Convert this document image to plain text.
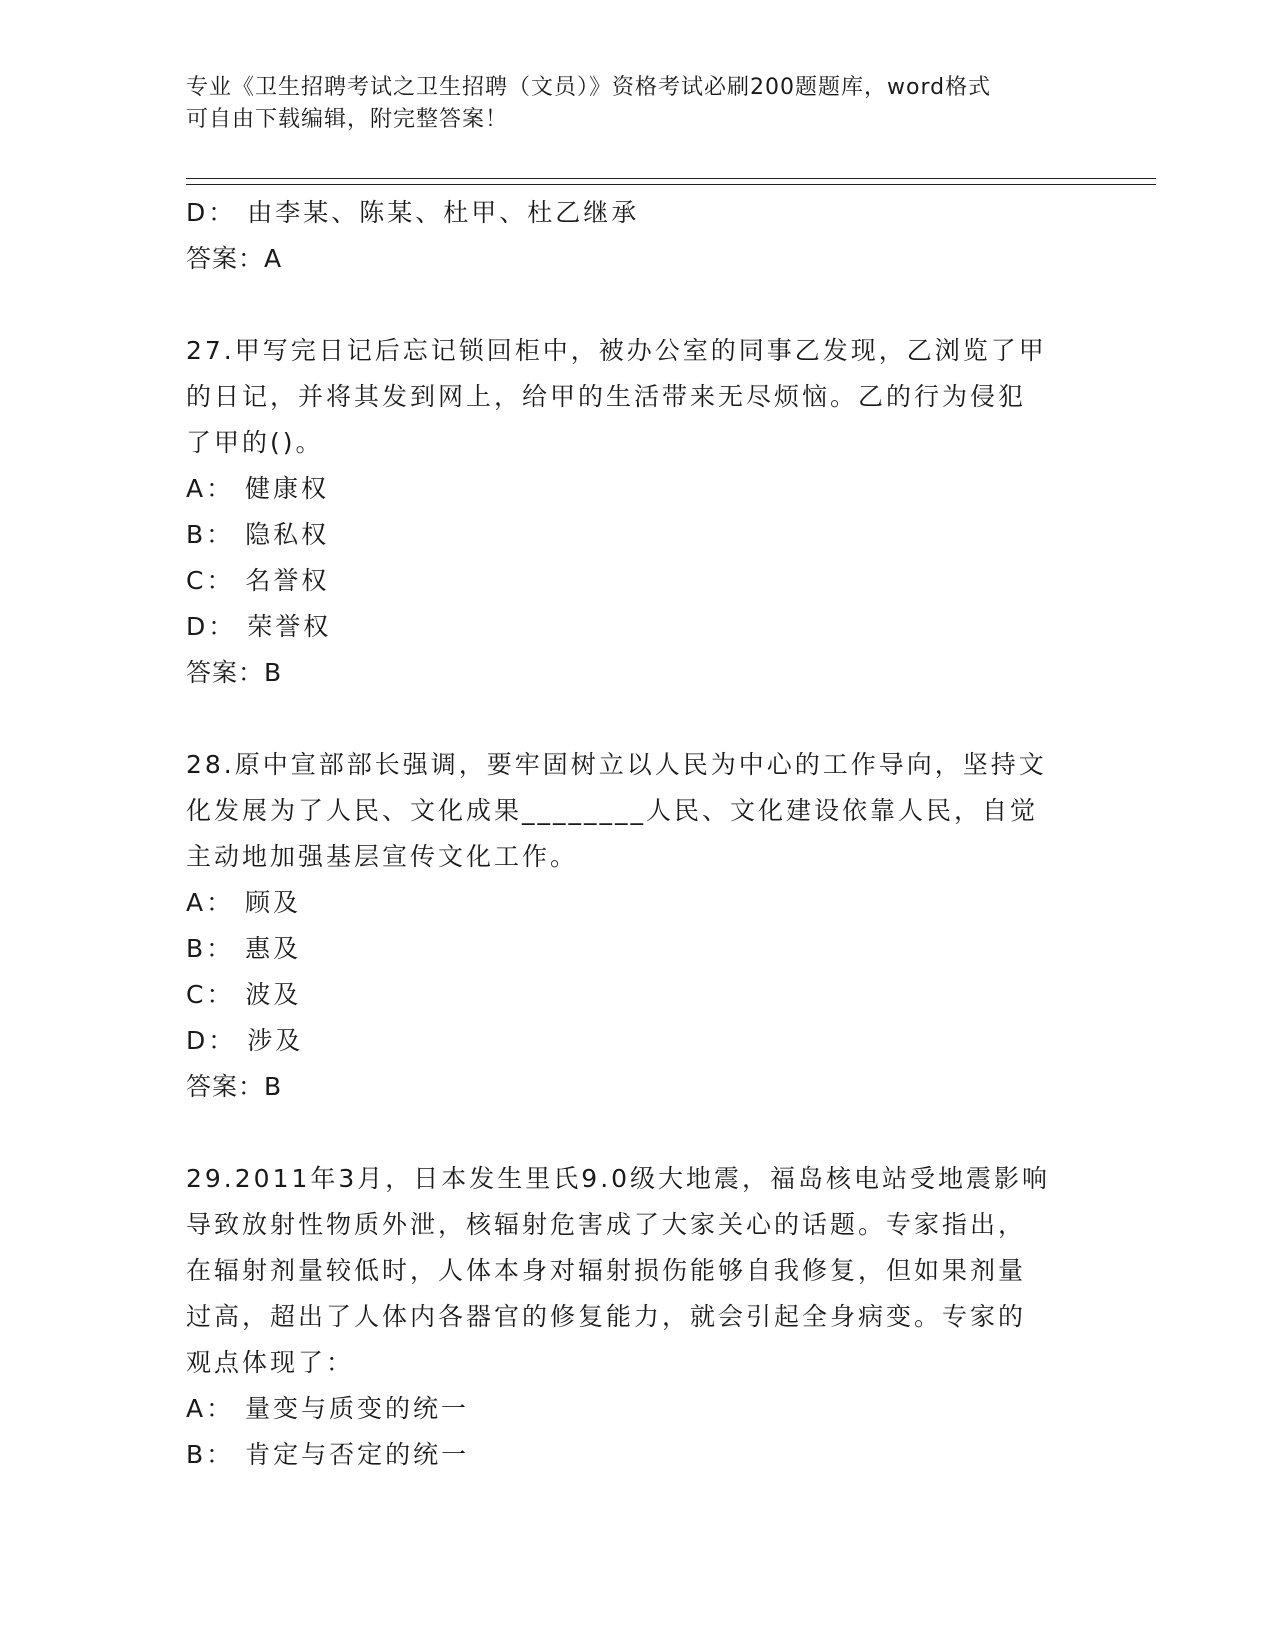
专业《卫生招聘考试之卫生招聘（文员）》资格考试必刷200题题库，word格式
可自由下载编辑，附完整答案！
D： 由李某、陈某、杜甲、杜乙继承
答案：A
27.甲写完日记后忘记锁回柜中，被办公室的同事乙发现，乙浏览了甲
的日记，并将其发到网上，给甲的生活带来无尽烦恼。乙的行为侵犯
了甲的()。
A： 健康权
B： 隐私权
C： 名誉权
D： 荣誉权
答案：B
28.原中宣部部长强调，要牢固树立以人民为中心的工作导向，坚持文
化发展为了人民、文化成果________人民、文化建设依靠人民，自觉
主动地加强基层宣传文化工作。
A： 顾及
B： 惠及
C： 波及
D： 涉及
答案：B
29.2011年3月，日本发生里氏9.0级大地震，福岛核电站受地震影响
导致放射性物质外泄，核辐射危害成了大家关心的话题。专家指出，
在辐射剂量较低时，人体本身对辐射损伤能够自我修复，但如果剂量
过高，超出了人体内各器官的修复能力，就会引起全身病变。专家的
观点体现了：
A： 量变与质变的统一
B： 肯定与否定的统一
